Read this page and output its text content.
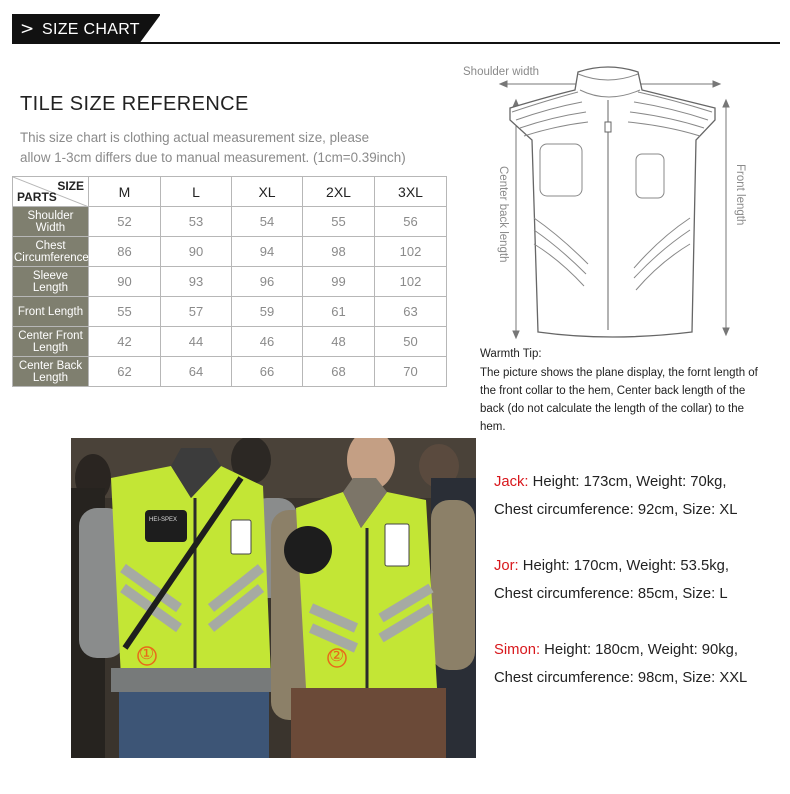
> SIZE CHART
TILE SIZE REFERENCE
This size chart is clothing actual measurement size, please
allow 1-3cm differs due to manual measurement. (1cm=0.39inch)
SIZE
PARTS	M	L	XL	2XL	3XL
Shoulder Width	52	53	54	55	56
Chest Circumference	86	90	94	98	102
Sleeve Length	90	93	96	99	102
Front Length	55	57	59	61	63
Center Front Length	42	44	46	48	50
Center Back Length	62	64	66	68	70
Shoulder width
Center back length	Front length
Warmth Tip:
The picture shows the plane display, the fornt length of the front collar to the hem, Center back length of the back (do not calculate the length of the collar) to the hem.
①	②
HEI-SPEX
Jack: Height: 173cm, Weight: 70kg,
Chest circumference: 92cm, Size: XL
Jor: Height: 170cm, Weight: 53.5kg,
Chest circumference: 85cm, Size: L
Simon: Height: 180cm, Weight: 90kg,
Chest circumference: 98cm, Size: XXL
